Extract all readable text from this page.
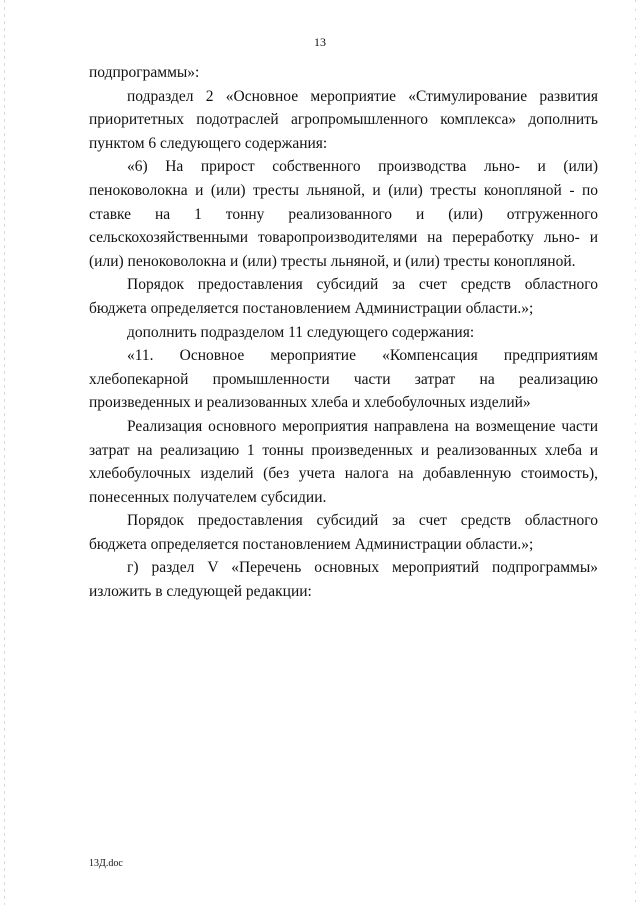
13

подпрограммы»:

подраздел 2 «Основное мероприятие «Стимулирование развития приоритетных подотраслей агропромышленного комплекса» дополнить пунктом 6 следующего содержания:

«6) На прирост собственного производства льно- и (или) пеноковолокна и (или) тресты льняной, и (или) тресты конопляной - по ставке на 1 тонну реализованного и (или) отгруженного сельскохозяйственными товаропроизводителями на переработку льно- и (или) пеноковолокна и (или) тресты льняной, и (или) тресты конопляной.

Порядок предоставления субсидий за счет средств областного бюджета определяется постановлением Администрации области.»;

дополнить подразделом 11 следующего содержания:

«11. Основное мероприятие «Компенсация предприятиям хлебопекарной промышленности части затрат на реализацию произведенных и реализованных хлеба и хлебобулочных изделий»

Реализация основного мероприятия направлена на возмещение части затрат на реализацию 1 тонны произведенных и реализованных хлеба и хлебобулочных изделий (без учета налога на добавленную стоимость), понесенных получателем субсидии.

Порядок предоставления субсидий за счет средств областного бюджета определяется постановлением Администрации области.»;

г) раздел V «Перечень основных мероприятий подпрограммы» изложить в следующей редакции:

13Д.doc
